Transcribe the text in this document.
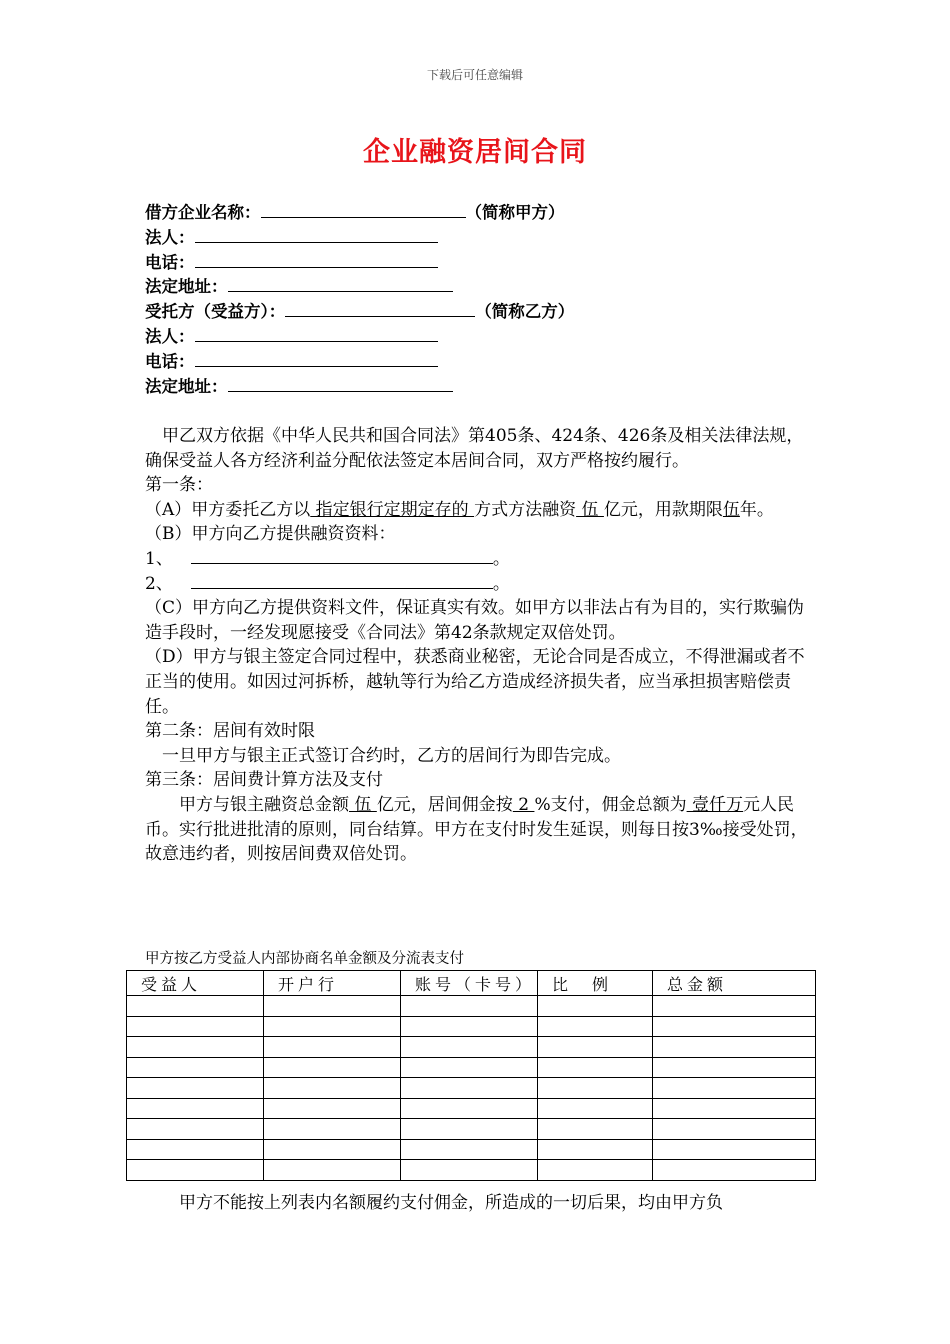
下载后可任意编辑
企业融资居间合同
借方企业名称：	（简称甲方）
法人：
电话：
法定地址：
受托方（受益方）：	（简称乙方）
法人：
电话：
法定地址：

甲乙双方依据《中华人民共和国合同法》第405条、424条、426条及相关法律法规，确保受益人各方经济利益分配依法签定本居间合同，双方严格按约履行。

第一条：

（A）甲方委托乙方以 指定银行定期定存的 方式方法融资 伍 亿元，用款期限伍年。

（B）甲方向乙方提供融资资料：

1、	。

2、	。

（C）甲方向乙方提供资料文件，保证真实有效。如甲方以非法占有为目的，实行欺骗伪造手段时，一经发现愿接受《合同法》第42条款规定双倍处罚。

（D）甲方与银主签定合同过程中，获悉商业秘密，无论合同是否成立，不得泄漏或者不正当的使用。如因过河拆桥，越轨等行为给乙方造成经济损失者，应当承担损害赔偿责任。

第二条：居间有效时限

一旦甲方与银主正式签订合约时，乙方的居间行为即告完成。

第三条：居间费计算方法及支付

甲方与银主融资总金额 伍 亿元，居间佣金按 2 %支付，佣金总额为 壹仟万元人民币。实行批进批清的原则，同台结算。甲方在支付时发生延误，则每日按3‰接受处罚，故意违约者，则按居间费双倍处罚。

甲方按乙方受益人内部协商名单金额及分流表支付
受益人	开户行	账号（卡号）	比　例	总金额

甲方不能按上列表内名额履约支付佣金，所造成的一切后果，均由甲方负
